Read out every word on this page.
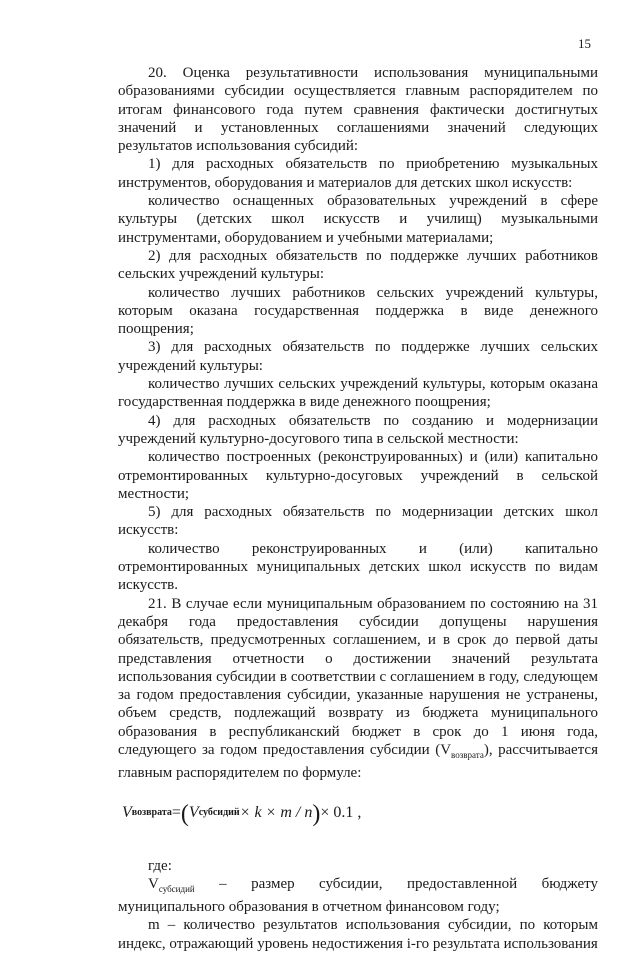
15

20. Оценка результативности использования муниципальными образованиями субсидии осуществляется главным распорядителем по итогам финансового года путем сравнения фактически достигнутых значений и установленных соглашениями значений следующих результатов использования субсидий:

1) для расходных обязательств по приобретению музыкальных инструментов, оборудования и материалов для детских школ искусств:

количество оснащенных образовательных учреждений в сфере культуры (детских школ искусств и училищ) музыкальными инструментами, оборудованием и учебными материалами;

2) для расходных обязательств по поддержке лучших работников сельских учреждений культуры:

количество лучших работников сельских учреждений культуры, которым оказана государственная поддержка в виде денежного поощрения;

3) для расходных обязательств по поддержке лучших сельских учреждений культуры:

количество лучших сельских учреждений культуры, которым оказана государственная поддержка в виде денежного поощрения;

4) для расходных обязательств по созданию и модернизации учреждений культурно-досугового типа в сельской местности:

количество построенных (реконструированных) и (или) капитально отремонтированных культурно-досуговых учреждений в сельской местности;

5) для расходных обязательств по модернизации детских школ искусств:

количество реконструированных и (или) капитально отремонтированных муниципальных детских школ искусств по видам искусств.

21. В случае если муниципальным образованием по состоянию на 31 декабря года предоставления субсидии допущены нарушения обязательств, предусмотренных соглашением, и в срок до первой даты представления отчетности о достижении значений результата использования субсидии в соответствии с соглашением в году, следующем за годом предоставления субсидии, указанные нарушения не устранены, объем средств, подлежащий возврату из бюджета муниципального образования в республиканский бюджет в срок до 1 июня года, следующего за годом предоставления субсидии $(V_{возврата})$, рассчитывается главным распорядителем по формуле:

V возврата = ( V субсидий × k × m / n ) × 0.1 ,

где:

$V_{субсидий}$ – размер субсидии, предоставленной бюджету муниципального образования в отчетном финансовом году;

m – количество результатов использования субсидии, по которым индекс, отражающий уровень недостижения i-го результата использования
